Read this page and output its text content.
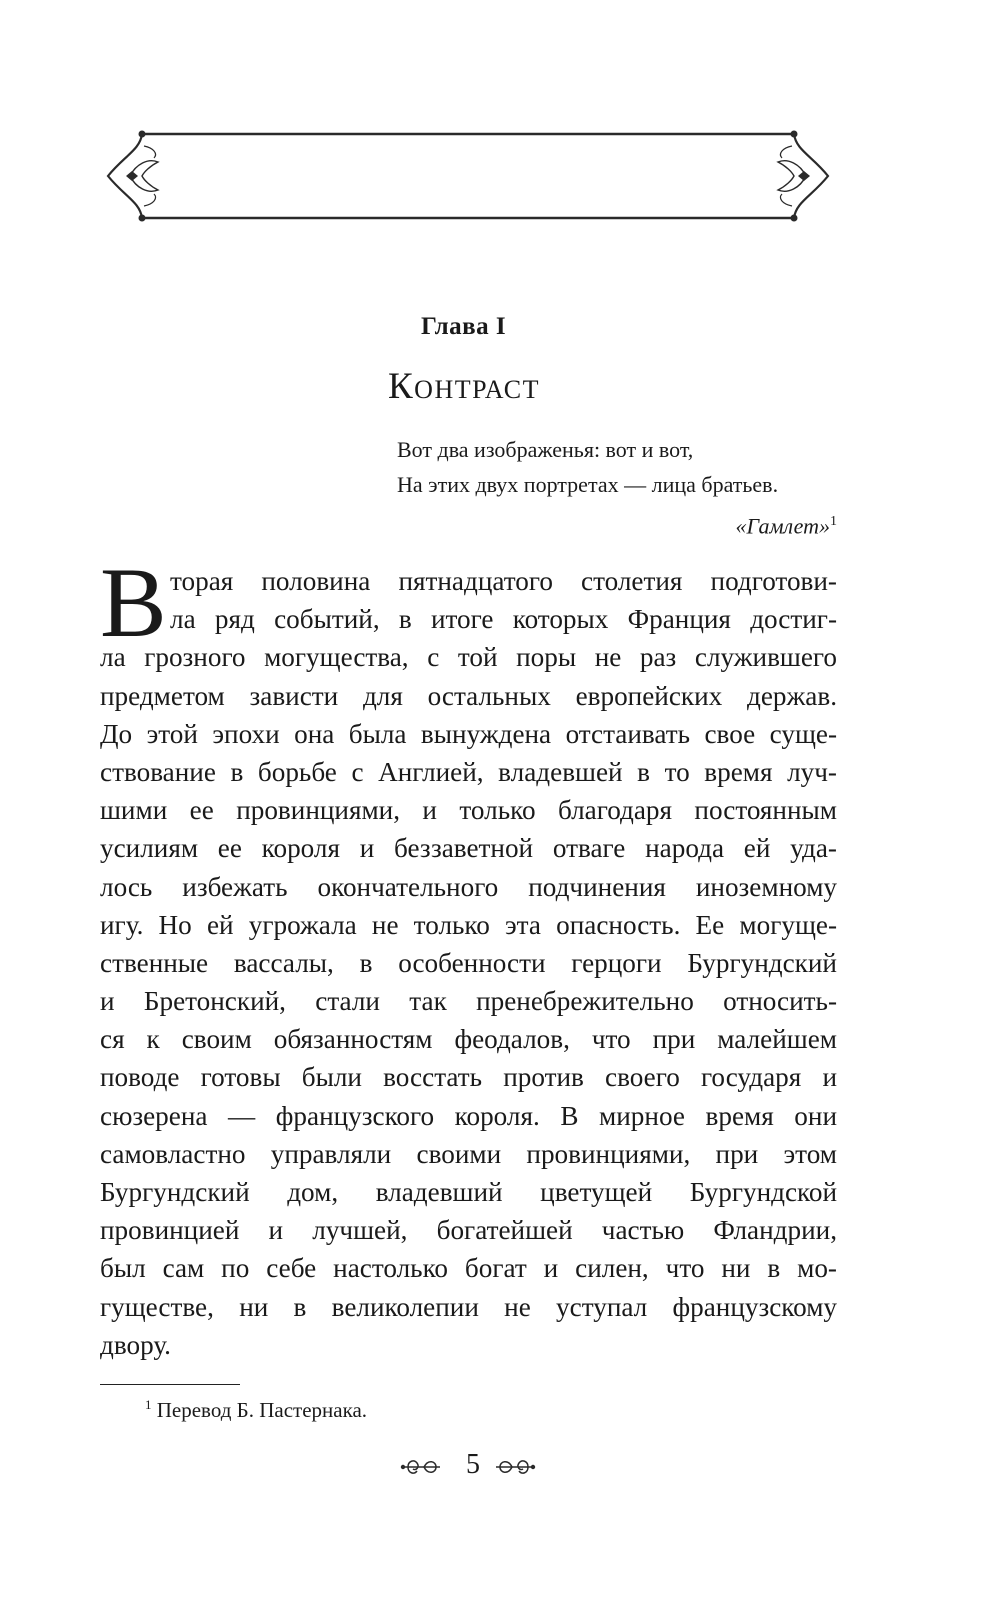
Глава I
Контраст
Вот два изображенья: вот и вот,
На этих двух портретах — лица братьев.
«Гамлет»$^1$
В торая половина пятнадцатого столетия подготови-
ла ряд событий, в итоге которых Франция достиг-
ла грозного могущества, с той поры не раз служившего
предметом зависти для остальных европейских держав.
До этой эпохи она была вынуждена отстаивать свое суще-
ствование в борьбе с Англией, владевшей в то время луч-
шими ее провинциями, и только благодаря постоянным
усилиям ее короля и беззаветной отваге народа ей уда-
лось избежать окончательного подчинения иноземному
игу. Но ей угрожала не только эта опасность. Ее могуще-
ственные вассалы, в особенности герцоги Бургундский
и Бретонский, стали так пренебрежительно относить-
ся к своим обязанностям феодалов, что при малейшем
поводе готовы были восстать против своего государя и
сюзерена — французского короля. В мирное время они
самовластно управляли своими провинциями, при этом
Бургундский дом, владевший цветущей Бургундской
провинцией и лучшей, богатейшей частью Фландрии,
был сам по себе настолько богат и силен, что ни в мо-
гуществе, ни в великолепии не уступал французскому
двору.
$^1$ Перевод Б. Пастернака.
5
